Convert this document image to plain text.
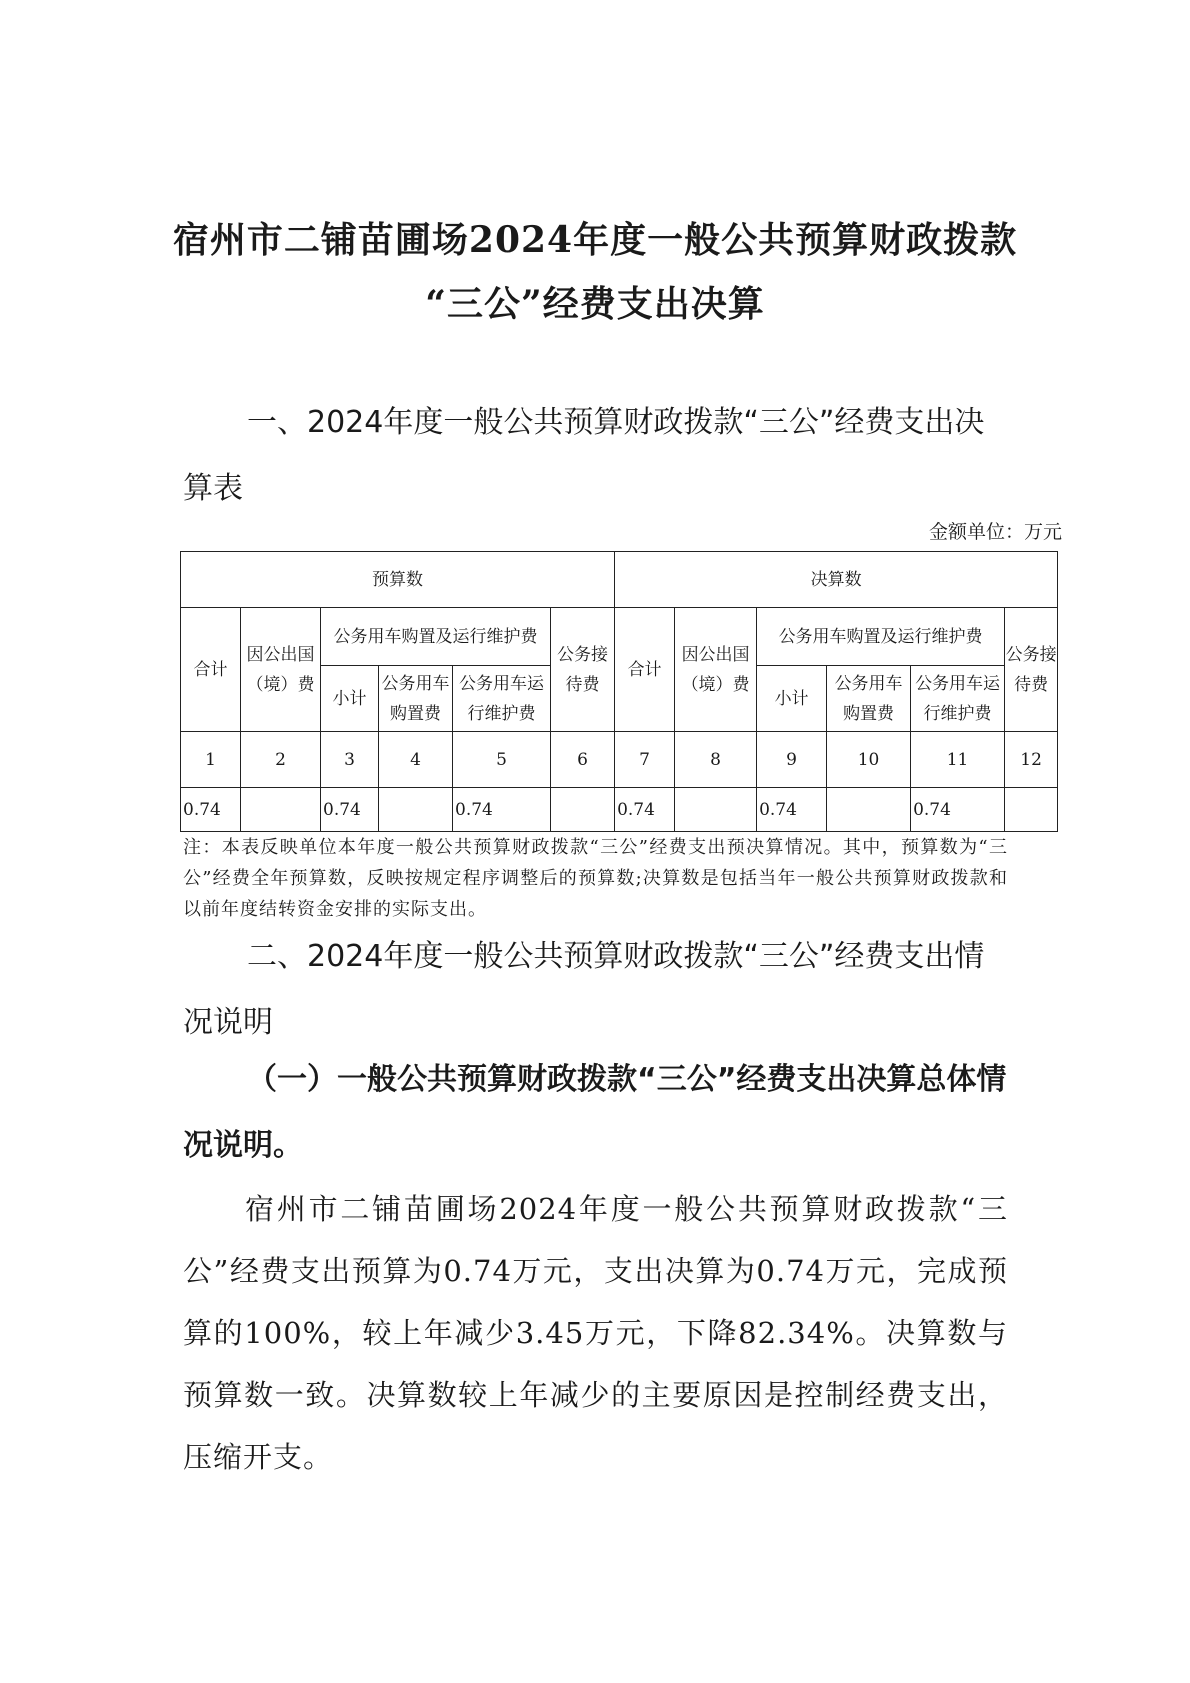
宿州市二铺苗圃场2024年度一般公共预算财政拨款
“三公”经费支出决算
一、2024年度一般公共预算财政拨款“三公”经费支出决算表
金额单位：万元
预算数						决算数					
合计	因公出国（境）费	公务用车购置及运行维护费			公务接待费	合计	因公出国（境）费	公务用车购置及运行维护费			公务接待费
		小计	公务用车购置费	公务用车运行维护费				小计	公务用车购置费	公务用车运行维护费	
1	2	3	4	5	6	7	8	9	10	11	12
0.74		0.74		0.74		0.74		0.74		0.74	
注：本表反映单位本年度一般公共预算财政拨款“三公”经费支出预决算情况。其中，预算数为“三公”经费全年预算数，反映按规定程序调整后的预算数;决算数是包括当年一般公共预算财政拨款和以前年度结转资金安排的实际支出。
二、2024年度一般公共预算财政拨款“三公”经费支出情况说明
（一）一般公共预算财政拨款“三公”经费支出决算总体情况说明。
宿州市二铺苗圃场2024年度一般公共预算财政拨款“三公”经费支出预算为0.74万元，支出决算为0.74万元，完成预算的100%，较上年减少3.45万元，下降82.34%。决算数与预算数一致。决算数较上年减少的主要原因是控制经费支出，压缩开支。
